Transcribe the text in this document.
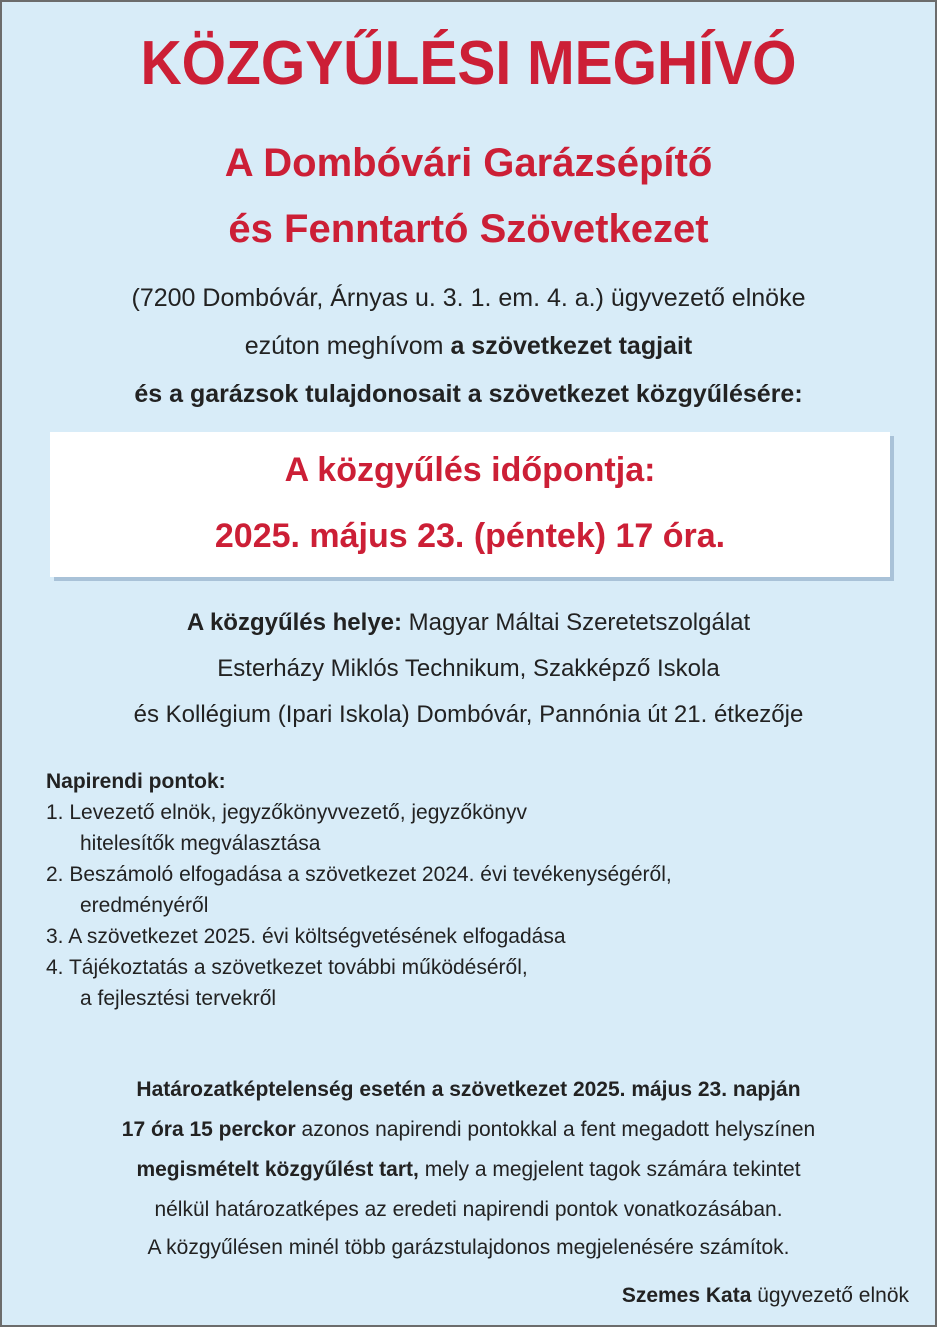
KÖZGYŰLÉSI MEGHÍVÓ
A Dombóvári Garázsépítő
és Fenntartó Szövetkezet
(7200 Dombóvár, Árnyas u. 3. 1. em. 4. a.) ügyvezető elnöke
ezúton meghívom a szövetkezet tagjait
és a garázsok tulajdonosait a szövetkezet közgyűlésére:
A közgyűlés időpontja:
2025. május 23. (péntek) 17 óra.
A közgyűlés helye: Magyar Máltai Szeretetszolgálat
Esterházy Miklós Technikum, Szakképző Iskola
és Kollégium (Ipari Iskola) Dombóvár, Pannónia út 21. étkezője
Napirendi pontok:
1. Levezető elnök, jegyzőkönyvvezető, jegyzőkönyv
hitelesítők megválasztása
2. Beszámoló elfogadása a szövetkezet 2024. évi tevékenységéről,
eredményéről
3. A szövetkezet 2025. évi költségvetésének elfogadása
4. Tájékoztatás a szövetkezet további működéséről,
a fejlesztési tervekről
Határozatképtelenség esetén a szövetkezet 2025. május 23. napján
17 óra 15 perckor azonos napirendi pontokkal a fent megadott helyszínen
megismételt közgyűlést tart, mely a megjelent tagok számára tekintet
nélkül határozatképes az eredeti napirendi pontok vonatkozásában.
A közgyűlésen minél több garázstulajdonos megjelenésére számítok.
Szemes Kata ügyvezető elnök
